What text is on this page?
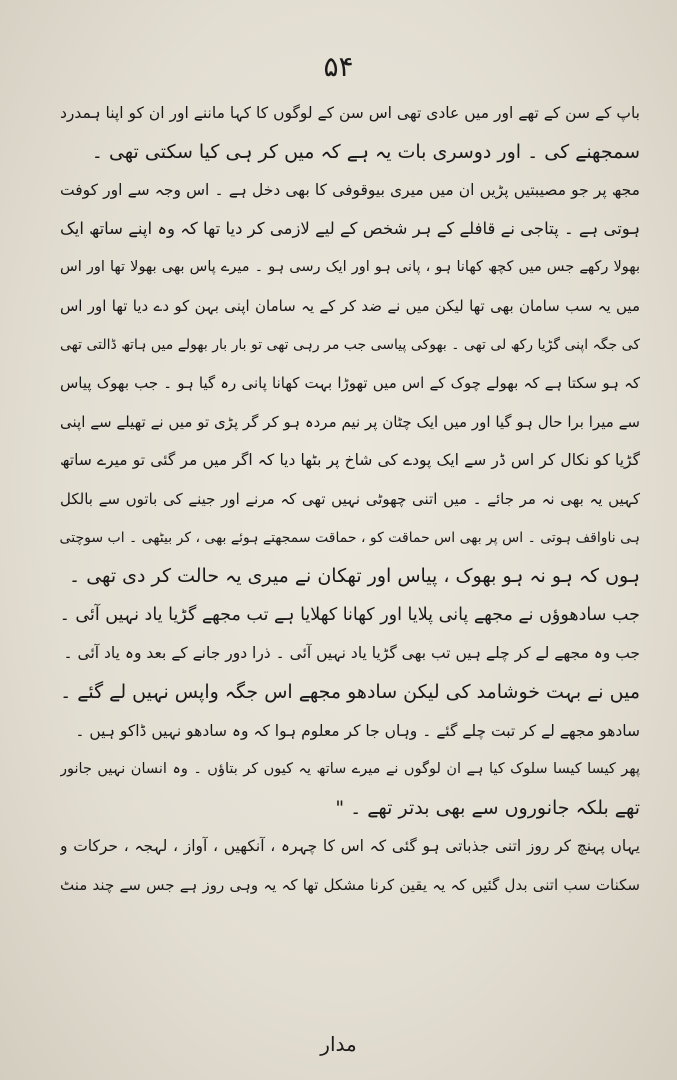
۵۴
باپ کے سن کے تھے اور میں عادی تھی اس سن کے لوگوں کا کہا ماننے اور ان کو اپنا ہمدرد
سمجھنے کی ۔ اور دوسری بات یہ ہے کہ میں کر ہی کیا سکتی تھی ۔
مجھ پر جو مصیبتیں پڑیں ان میں میری بیوقوفی کا بھی دخل ہے ۔ اس وجہ سے اور کوفت
ہوتی ہے ۔ پتاجی نے قافلے کے ہر شخص کے لیے لازمی کر دیا تھا کہ وہ اپنے ساتھ ایک
بھولا رکھے جس میں کچھ کھانا ہو ، پانی ہو اور ایک رسی ہو ۔ میرے پاس بھی بھولا تھا اور اس
میں یہ سب سامان بھی تھا لیکن میں نے ضد کر کے یہ سامان اپنی بہن کو دے دیا تھا اور اس
کی جگہ اپنی گڑیا رکھ لی تھی ۔ بھوکی پیاسی جب مر رہی تھی تو بار بار بھولے میں ہاتھ ڈالتی تھی
کہ ہو سکتا ہے کہ بھولے چوک کے اس میں تھوڑا بہت کھانا پانی رہ گیا ہو ۔ جب بھوک پیاس
سے میرا برا حال ہو گیا اور میں ایک چٹان پر نیم مردہ ہو کر گر پڑی تو میں نے تھیلے سے اپنی
گڑیا کو نکال کر اس ڈر سے ایک پودے کی شاخ پر بٹھا دیا کہ اگر میں مر گئی تو میرے ساتھ
کہیں یہ بھی نہ مر جائے ۔ میں اتنی چھوٹی نہیں تھی کہ مرنے اور جینے کی باتوں سے بالکل
ہی ناواقف ہوتی ۔ اس پر بھی اس حماقت کو ، حماقت سمجھتے ہوئے بھی ، کر بیٹھی ۔ اب سوچتی
ہوں کہ ہو نہ ہو بھوک ، پیاس اور تھکان نے میری یہ حالت کر دی تھی ۔
جب سادھوؤں نے مجھے پانی پلایا اور کھانا کھلایا ہے تب مجھے گڑیا یاد نہیں آئی ۔
جب وہ مجھے لے کر چلے ہیں تب بھی گڑیا یاد نہیں آئی ۔ ذرا دور جانے کے بعد وہ یاد آئی ۔
میں نے بہت خوشامد کی لیکن سادھو مجھے اس جگہ واپس نہیں لے گئے ۔
سادھو مجھے لے کر تبت چلے گئے ۔ وہاں جا کر معلوم ہوا کہ وہ سادھو نہیں ڈاکو ہیں ۔
پھر کیسا کیسا سلوک کیا ہے ان لوگوں نے میرے ساتھ یہ کیوں کر بتاؤں ۔ وہ انسان نہیں جانور
تھے بلکہ جانوروں سے بھی بدتر تھے ۔ "
یہاں پہنچ کر روز اتنی جذباتی ہو گئی کہ اس کا چہرہ ، آنکھیں ، آواز ، لہجہ ، حرکات و
سکنات سب اتنی بدل گئیں کہ یہ یقین کرنا مشکل تھا کہ یہ وہی روز ہے جس سے چند منٹ
مدار
